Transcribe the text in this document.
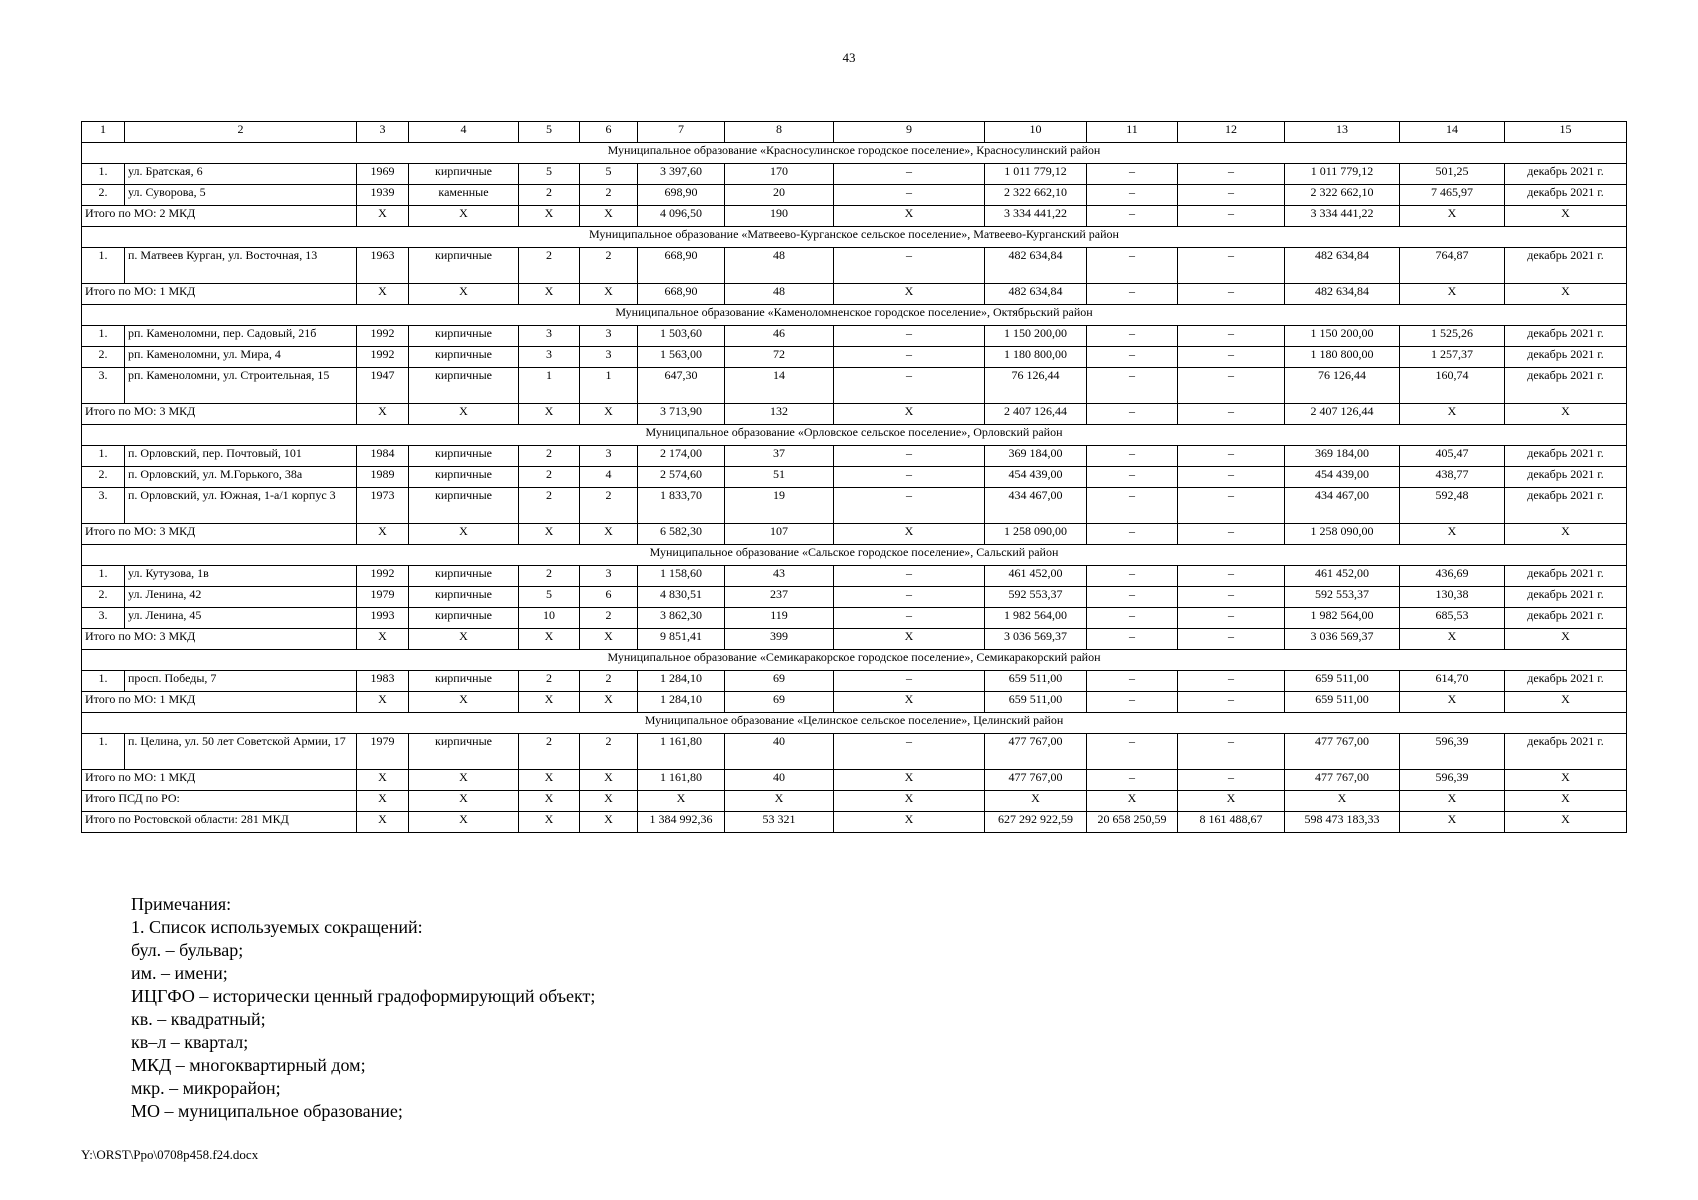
43
1	2	3	4	5	6	7	8	9	10	11	12	13	14	15
Муниципальное образование «Красносулинское городское поселение», Красносулинский район														
1.	ул. Братская, 6	1969	кирпичные	5	5	3 397,60	170	–	1 011 779,12	–	–	1 011 779,12	501,25	декабрь 2021 г.
2.	ул. Суворова, 5	1939	каменные	2	2	698,90	20	–	2 322 662,10	–	–	2 322 662,10	7 465,97	декабрь 2021 г.
Итого по МО: 2 МКД		X	X	X	X	4 096,50	190	X	3 334 441,22	–	–	3 334 441,22	X	X
Муниципальное образование «Матвеево-Курганское сельское поселение», Матвеево-Курганский район														
1.	п. Матвеев Курган, ул. Восточная, 13	1963	кирпичные	2	2	668,90	48	–	482 634,84	–	–	482 634,84	764,87	декабрь 2021 г.
Итого по МО: 1 МКД		X	X	X	X	668,90	48	X	482 634,84	–	–	482 634,84	X	X
Муниципальное образование «Каменоломненское городское поселение», Октябрьский район														
1.	рп. Каменоломни, пер. Садовый, 21б	1992	кирпичные	3	3	1 503,60	46	–	1 150 200,00	–	–	1 150 200,00	1 525,26	декабрь 2021 г.
2.	рп. Каменоломни, ул. Мира, 4	1992	кирпичные	3	3	1 563,00	72	–	1 180 800,00	–	–	1 180 800,00	1 257,37	декабрь 2021 г.
3.	рп. Каменоломни, ул. Строительная, 15	1947	кирпичные	1	1	647,30	14	–	76 126,44	–	–	76 126,44	160,74	декабрь 2021 г.
Итого по МО: 3 МКД		X	X	X	X	3 713,90	132	X	2 407 126,44	–	–	2 407 126,44	X	X
Муниципальное образование «Орловское сельское поселение», Орловский район														
1.	п. Орловский, пер. Почтовый, 101	1984	кирпичные	2	3	2 174,00	37	–	369 184,00	–	–	369 184,00	405,47	декабрь 2021 г.
2.	п. Орловский, ул. М.Горького, 38а	1989	кирпичные	2	4	2 574,60	51	–	454 439,00	–	–	454 439,00	438,77	декабрь 2021 г.
3.	п. Орловский, ул. Южная, 1-а/1 корпус 3	1973	кирпичные	2	2	1 833,70	19	–	434 467,00	–	–	434 467,00	592,48	декабрь 2021 г.
Итого по МО: 3 МКД		X	X	X	X	6 582,30	107	X	1 258 090,00	–	–	1 258 090,00	X	X
Муниципальное образование «Сальское городское поселение», Сальский район														
1.	ул. Кутузова, 1в	1992	кирпичные	2	3	1 158,60	43	–	461 452,00	–	–	461 452,00	436,69	декабрь 2021 г.
2.	ул. Ленина, 42	1979	кирпичные	5	6	4 830,51	237	–	592 553,37	–	–	592 553,37	130,38	декабрь 2021 г.
3.	ул. Ленина, 45	1993	кирпичные	10	2	3 862,30	119	–	1 982 564,00	–	–	1 982 564,00	685,53	декабрь 2021 г.
Итого по МО: 3 МКД		X	X	X	X	9 851,41	399	X	3 036 569,37	–	–	3 036 569,37	X	X
Муниципальное образование «Семикаракорское городское поселение», Семикаракорский район														
1.	просп. Победы, 7	1983	кирпичные	2	2	1 284,10	69	–	659 511,00	–	–	659 511,00	614,70	декабрь 2021 г.
Итого по МО: 1 МКД		X	X	X	X	1 284,10	69	X	659 511,00	–	–	659 511,00	X	X
Муниципальное образование «Целинское сельское поселение», Целинский район														
1.	п. Целина, ул. 50 лет Советской Армии, 17	1979	кирпичные	2	2	1 161,80	40	–	477 767,00	–	–	477 767,00	596,39	декабрь 2021 г.
Итого по МО: 1 МКД		X	X	X	X	1 161,80	40	X	477 767,00	–	–	477 767,00	596,39	X
Итого ПСД по РО:		X	X	X	X	X	X	X	X	X	X	X	X	X
Итого по Ростовской области: 281 МКД		X	X	X	X	1 384 992,36	53 321	X	627 292 922,59	20 658 250,59	8 161 488,67	598 473 183,33	X	X
Примечания:
1. Список используемых сокращений:
бул. – бульвар;
им. – имени;
ИЦГФО – исторически ценный градоформирующий объект;
кв. – квадратный;
кв–л – квартал;
МКД – многоквартирный дом;
мкр. – микрорайон;
МО – муниципальное образование;
Y:\ORST\Ppo\0708p458.f24.docx
